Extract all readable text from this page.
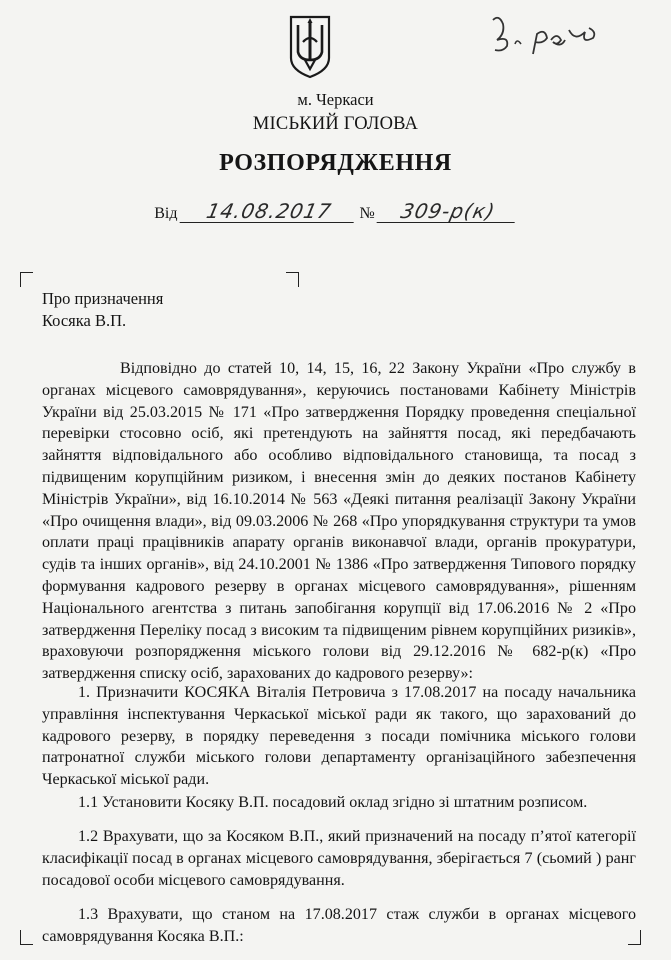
м. Черкаси
МІСЬКИЙ ГОЛОВА
РОЗПОРЯДЖЕННЯ
Від 14.08.2017 № 309-р(к)
Про призначення
Косяка В.П.
Відповідно до статей 10, 14, 15, 16, 22 Закону України «Про службу в органах місцевого самоврядування», керуючись постановами Кабінету Міністрів України від 25.03.2015 № 171 «Про затвердження Порядку проведення спеціальної перевірки стосовно осіб, які претендують на зайняття посад, які передбачають зайняття відповідального або особливо відповідального становища, та посад з підвищеним корупційним ризиком, і внесення змін до деяких постанов Кабінету Міністрів України», від 16.10.2014 № 563 «Деякі питання реалізації Закону України «Про очищення влади», від 09.03.2006 № 268 «Про упорядкування структури та умов оплати праці працівників апарату органів виконавчої влади, органів прокуратури, судів та інших органів», від 24.10.2001 № 1386 «Про затвердження Типового порядку формування кадрового резерву в органах місцевого самоврядування», рішенням Національного агентства з питань запобігання корупції від 17.06.2016 № 2 «Про затвердження Переліку посад з високим та підвищеним рівнем корупційних ризиків», враховуючи розпорядження міського голови від 29.12.2016 № 682-р(к) «Про затвердження списку осіб, зарахованих до кадрового резерву»:
1. Призначити КОСЯКА Віталія Петровича з 17.08.2017 на посаду начальника управління інспектування Черкаської міської ради як такого, що зарахований до кадрового резерву, в порядку переведення з посади помічника міського голови патронатної служби міського голови департаменту організаційного забезпечення Черкаської міської ради.
1.1 Установити Косяку В.П. посадовий оклад згідно зі штатним розписом.
1.2 Врахувати, що за Косяком В.П., який призначений на посаду п’ятої категорії класифікації посад в органах місцевого самоврядування, зберігається 7 (сьомий ) ранг посадової особи місцевого самоврядування.
1.3 Врахувати, що станом на 17.08.2017 стаж служби в органах місцевого самоврядування Косяка В.П.:
